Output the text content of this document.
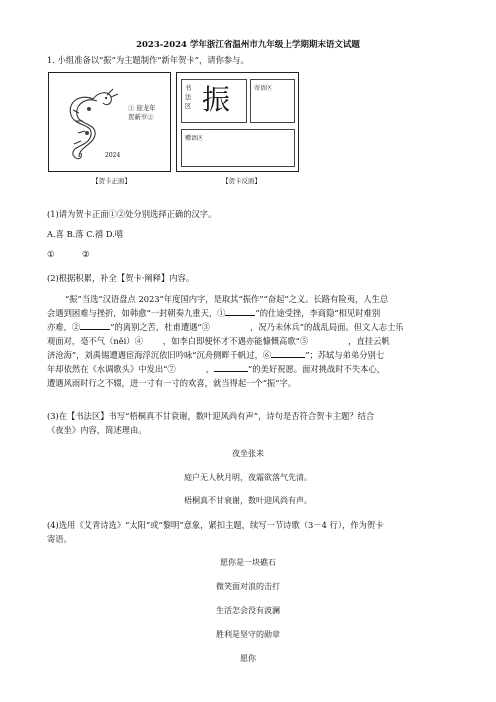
2023-2024 学年浙江省温州市九年级上学期期末语文试题
1. 小组准备以“振”为主题制作“新年贺卡”，请你参与。
① 迎龙年
贺新岁②
2024
【贺卡正面】
书法区 振	寄语区
赠语区
【贺卡反面】
(1)请为贺卡正面①②处分别选择正确的汉字。
A.喜 B.落 C.禧 D.嘻
①	②
(2)根据积累，补全【贺卡·阐释】内容。
“振”当选“汉语盘点 2023”年度国内字，是取其“振作”“奋起”之义。长路有险夷，人生总
会遇到困难与挫折，如韩愈“一封朝奏九重天，①	”的仕途受挫，李商隐“相见时难别
亦难，②	”的离别之苦，杜甫遭遇“③	，况乃未休兵”的战乱局面。但文人志士乐
观面对，毫不气（něi）④ ，如李白即便怀才不遇亦能慷慨高歌“⑤	，直挂云帆
济沧海”，刘禹锡遭遇宦海浮沉依旧吟咏“沉舟侧畔千帆过，⑥	”；苏轼与弟弟分别七
年却依然在《水调歌头》中发出“⑦	，	”的美好祝愿。面对挑战时不失本心，
遭遇风雨时行之不辍，进一寸有一寸的欢喜，就当得起一个“振”字。
(3)在【书法区】书写“梧桐真不甘衰谢，数叶迎风尚有声”，诗句是否符合贺卡主题？结合
《夜坐》内容，简述理由。
夜坐张耒
庭户无人秋月明，夜霜欲落气先清。
梧桐真不甘衰谢，数叶迎风尚有声。
(4)选用《艾青诗选》“太阳”或“黎明”意象，紧扣主题，续写一节诗歌（3－4 行），作为贺卡
寄语。
愿你是一块礁石
微笑面对浪的击打
生活怎会没有波澜
胜利是坚守的勋章
愿你
